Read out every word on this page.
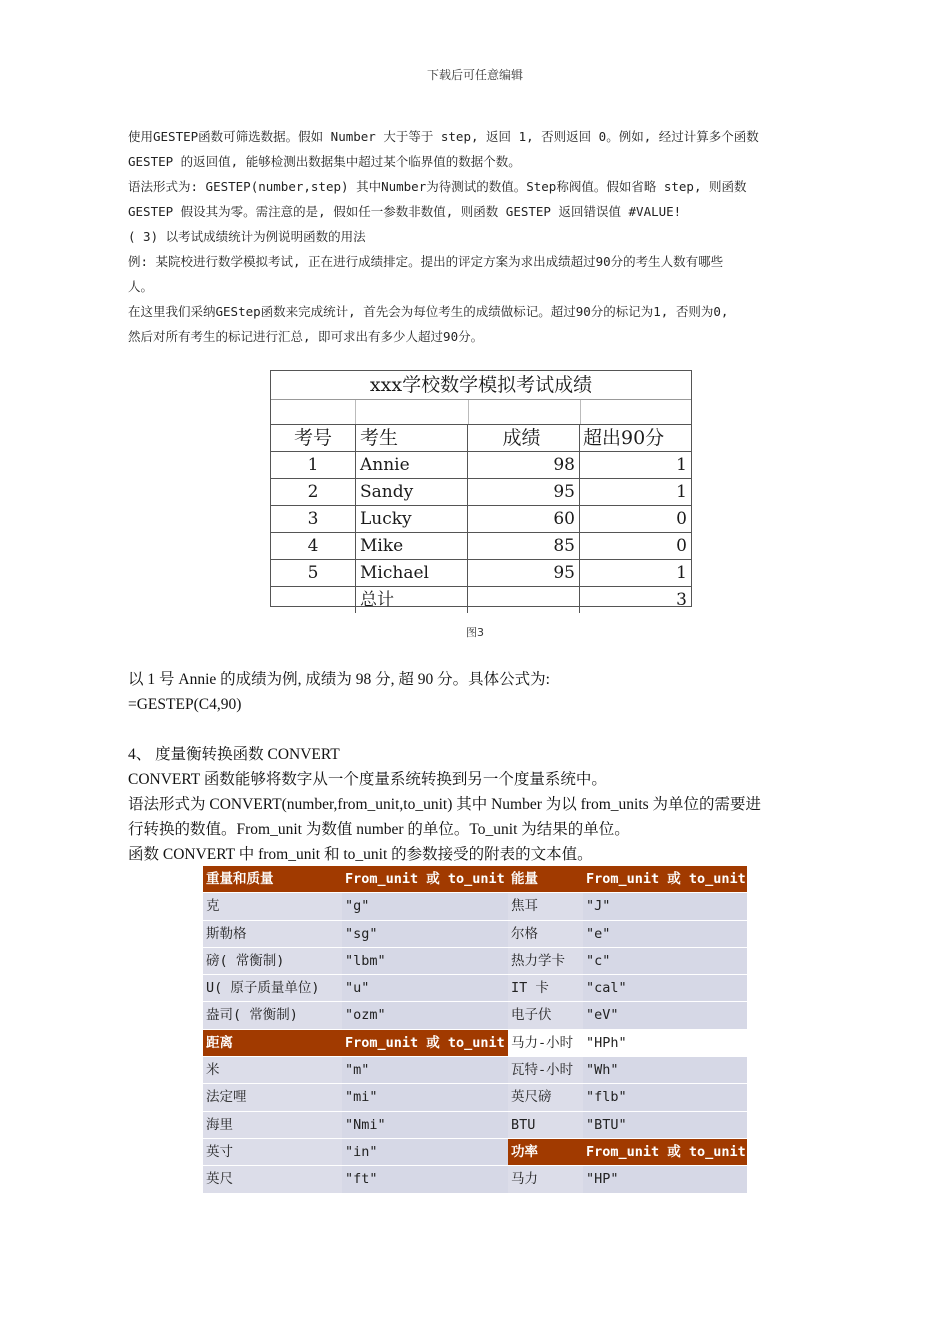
下载后可任意编辑
使用GESTEP函数可筛选数据。假如 Number 大于等于 step, 返回 1, 否则返回 0。例如, 经过计算多个函数
GESTEP 的返回值, 能够检测出数据集中超过某个临界值的数据个数。
语法形式为: GESTEP(number,step) 其中Number为待测试的数值。Step称阀值。假如省略 step, 则函数
GESTEP 假设其为零。需注意的是, 假如任一参数非数值, 则函数 GESTEP 返回错误值 #VALUE!
( 3) 以考试成绩统计为例说明函数的用法
例: 某院校进行数学模拟考试, 正在进行成绩排定。提出的评定方案为求出成绩超过90分的考生人数有哪些
人。
在这里我们采纳GEStep函数来完成统计, 首先会为每位考生的成绩做标记。超过90分的标记为1, 否则为0,
然后对所有考生的标记进行汇总, 即可求出有多少人超过90分。
xxx学校数学模拟考试成绩
考号	考生	成绩	超出90分
1	Annie	98	1
2	Sandy	95	1
3	Lucky	60	0
4	Mike	85	0
5	Michael	95	1
总计	3
图3
以 1 号 Annie 的成绩为例, 成绩为 98 分, 超 90 分。具体公式为:
=GESTEP(C4,90)
4、 度量衡转换函数 CONVERT
CONVERT 函数能够将数字从一个度量系统转换到另一个度量系统中。
语法形式为 CONVERT(number,from_unit,to_unit) 其中 Number 为以 from_units 为单位的需要进
行转换的数值。From_unit 为数值 number 的单位。To_unit 为结果的单位。
函数 CONVERT 中 from_unit 和 to_unit 的参数接受的附表的文本值。
重量和质量	From_unit 或 to_unit 能量	From_unit 或 to_unit
克	"g"	焦耳	"J"
斯勒格	"sg"	尔格	"e"
磅( 常衡制)	"lbm"	热力学卡	"c"
U( 原子质量单位)	"u"	IT 卡	"cal"
盎司( 常衡制)	"ozm"	电子伏	"eV"
距离	From_unit 或 to_unit 马力-小时 "HPh"
米	"m"	瓦特-小时 "Wh"
法定哩	"mi"	英尺磅	"flb"
海里	"Nmi"	BTU	"BTU"
英寸	"in"	功率	From_unit 或 to_unit
英尺	"ft"	马力	"HP"
